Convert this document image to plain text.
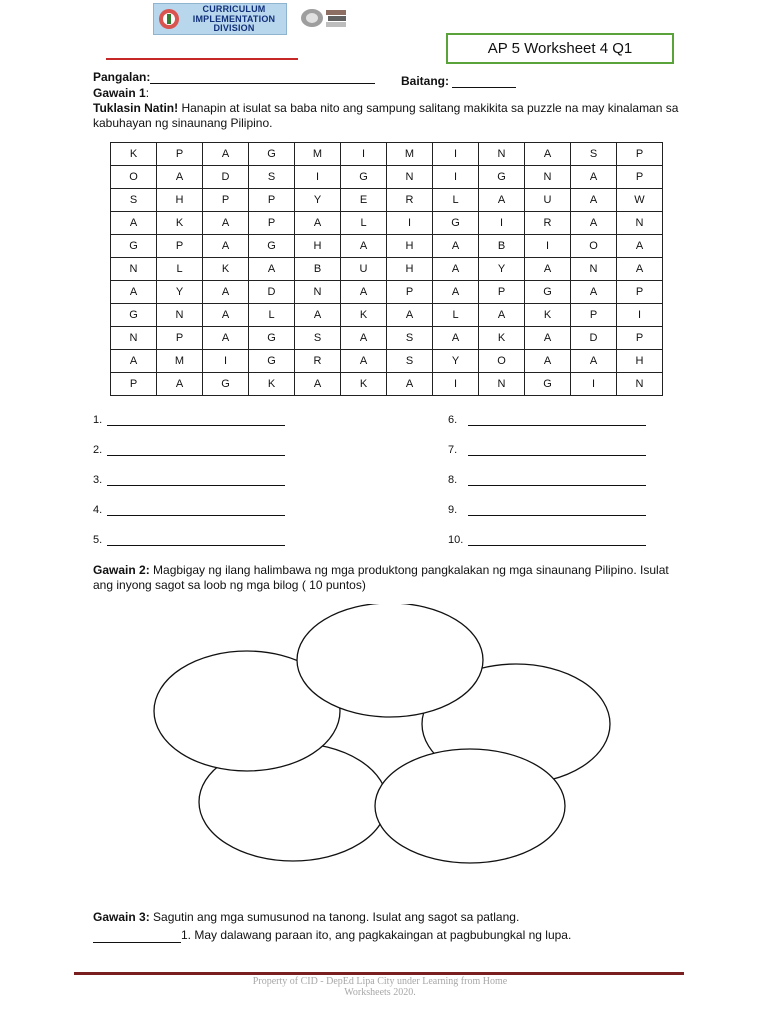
CURRICULUM IMPLEMENTATION DIVISION
AP 5 Worksheet 4 Q1
Pangalan:	Baitang:
Gawain 1:
Tuklasin Natin! Hanapin at isulat sa baba nito ang sampung salitang makikita sa puzzle na may kinalaman sa kabuhayan ng sinaunang Pilipino.
K	P	A	G	M	I	M	I	N	A	S	P
O	A	D	S	I	G	N	I	G	N	A	P
S	H	P	P	Y	E	R	L	A	U	A	W
A	K	A	P	A	L	I	G	I	R	A	N
G	P	A	G	H	A	H	A	B	I	O	A
N	L	K	A	B	U	H	A	Y	A	N	A
A	Y	A	D	N	A	P	A	P	G	A	P
G	N	A	L	A	K	A	L	A	K	P	I
N	P	A	G	S	A	S	A	K	A	D	P
A	M	I	G	R	A	S	Y	O	A	A	H
P	A	G	K	A	K	A	I	N	G	I	N
1.
2.
3.
4.
5.
6.
7.
8.
9.
10.
Gawain 2: Magbigay ng ilang halimbawa ng mga produktong pangkalakan ng mga sinaunang Pilipino. Isulat ang inyong sagot sa loob ng mga bilog ( 10 puntos)
Gawain 3: Sagutin ang mga sumusunod na tanong. Isulat ang sagot sa patlang.
1. May dalawang paraan ito, ang pagkakaingan at pagbubungkal ng lupa.
Property of CID - DepEd Lipa City under Learning from Home
Worksheets 2020.
